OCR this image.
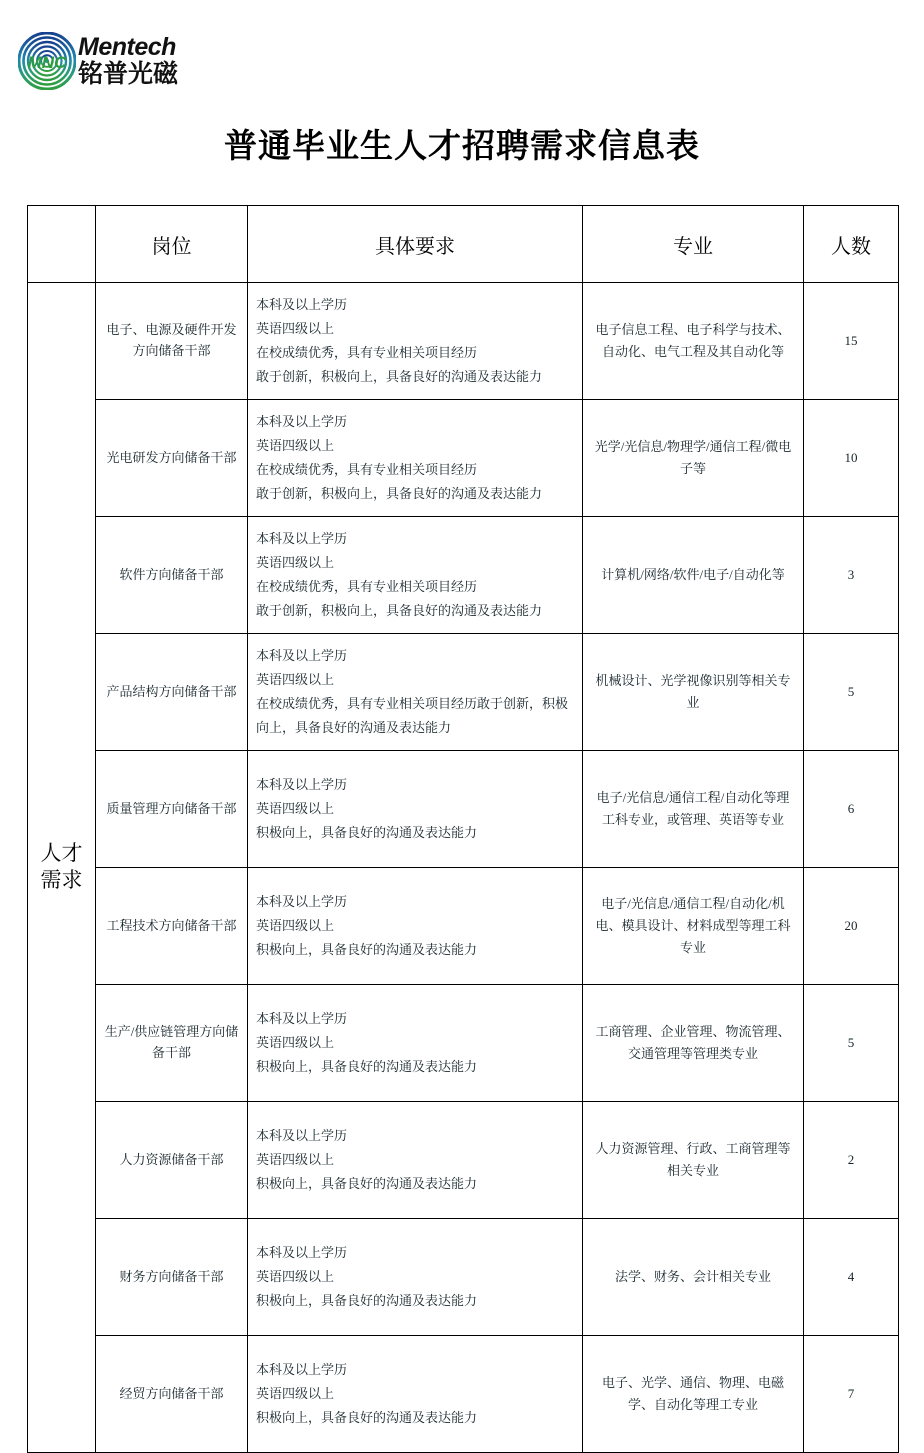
MNC
Mentech
铭普光磁
普通毕业生人才招聘需求信息表
	岗位	具体要求	专业	人数

人才
需求	电子、电源及硬件开发 方向储备干部	本科及以上学历
英语四级以上
在校成绩优秀，具有专业相关项目经历
敢于创新，积极向上，具备良好的沟通及表达能力	电子信息工程、电子科学与技术、自动化、电气工程及其自动化等	15
	光电研发方向储备干部	本科及以上学历
英语四级以上
在校成绩优秀，具有专业相关项目经历
敢于创新，积极向上，具备良好的沟通及表达能力	光学/光信息/物理学/通信工程/微电子等	10
	软件方向储备干部	本科及以上学历
英语四级以上
在校成绩优秀，具有专业相关项目经历
敢于创新，积极向上，具备良好的沟通及表达能力	计算机/网络/软件/电子/自动化等	3
	产品结构方向储备干部	本科及以上学历
英语四级以上
在校成绩优秀，具有专业相关项目经历敢于创新，积极向上，具备良好的沟通及表达能力	机械设计、光学视像识别等相关专业	5
	质量管理方向储备干部	本科及以上学历
英语四级以上
积极向上，具备良好的沟通及表达能力	电子/光信息/通信工程/自动化等理工科专业，或管理、英语等专业	6
	工程技术方向储备干部	本科及以上学历
英语四级以上
积极向上，具备良好的沟通及表达能力	电子/光信息/通信工程/自动化/机电、模具设计、材料成型等理工科专业	20
	生产/供应链管理方向储 备干部	本科及以上学历
英语四级以上
积极向上，具备良好的沟通及表达能力	工商管理、企业管理、物流管理、交通管理等管理类专业	5
	人力资源储备干部	本科及以上学历
英语四级以上
积极向上，具备良好的沟通及表达能力	人力资源管理、行政、工商管理等相关专业	2
	财务方向储备干部	本科及以上学历
英语四级以上
积极向上，具备良好的沟通及表达能力	法学、财务、会计相关专业	4
	经贸方向储备干部	本科及以上学历
英语四级以上
积极向上，具备良好的沟通及表达能力	电子、光学、通信、物理、电磁学、自动化等理工专业	7
